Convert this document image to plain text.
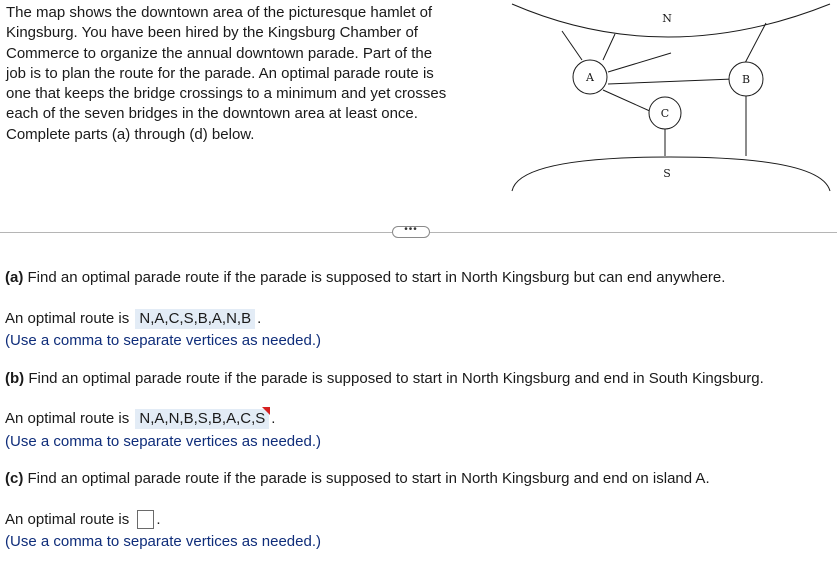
The map shows the downtown area of the picturesque hamlet of
Kingsburg. You have been hired by the Kingsburg Chamber of
Commerce to organize the annual downtown parade. Part of the
job is to plan the route for the parade. An optimal parade route is
one that keeps the bridge crossings to a minimum and yet crosses
each of the seven bridges in the downtown area at least once.
Complete parts (a) through (d) below.
A	B
C
N
S
•••
(a) Find an optimal parade route if the parade is supposed to start in North Kingsburg but can end anywhere.
An optimal route is N,A,C,S,B,A,N,B .
(Use a comma to separate vertices as needed.)
(b) Find an optimal parade route if the parade is supposed to start in North Kingsburg and end in South Kingsburg.
An optimal route is N,A,N,B,S,B,A,C,S .
(Use a comma to separate vertices as needed.)
(c) Find an optimal parade route if the parade is supposed to start in North Kingsburg and end on island A.
An optimal route is .
(Use a comma to separate vertices as needed.)
